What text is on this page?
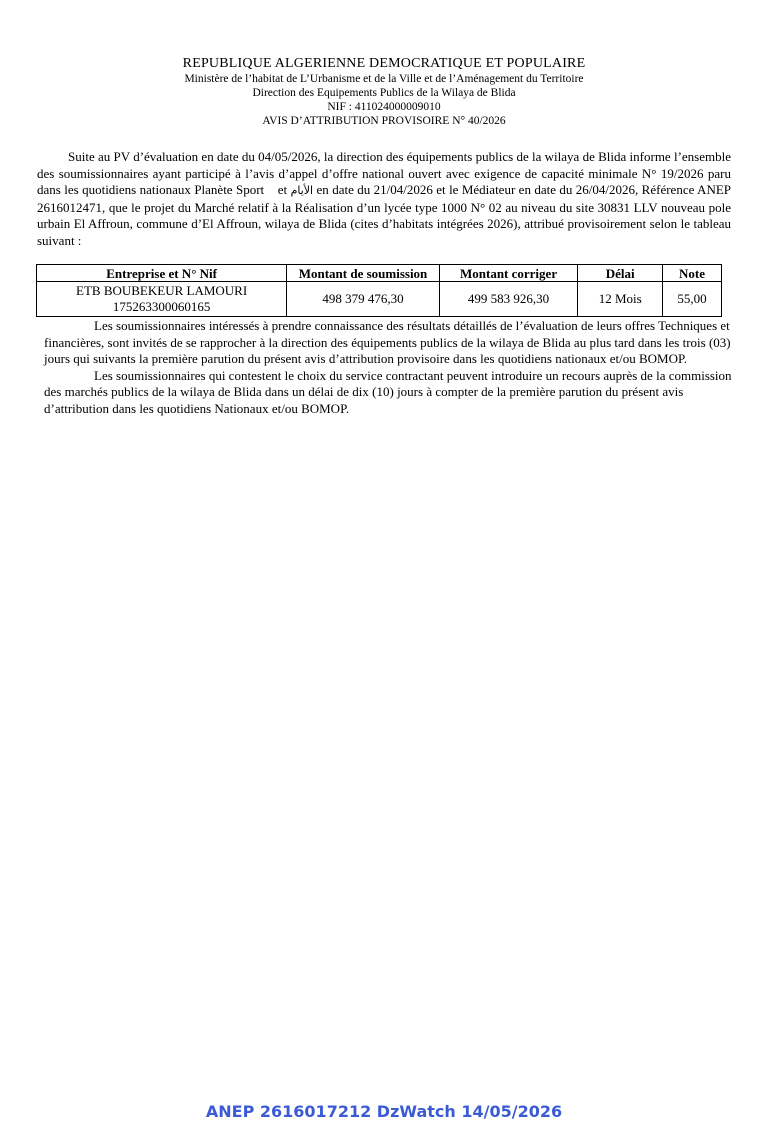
REPUBLIQUE ALGERIENNE DEMOCRATIQUE ET POPULAIRE
Ministère de l’habitat de L’Urbanisme et de la Ville et de l’Aménagement du Territoire
Direction des Equipements Publics de la Wilaya de Blida
NIF : 411024000009010
AVIS D’ATTRIBUTION PROVISOIRE N° 40/2026

Suite au PV d’évaluation en date du 04/05/2026, la direction des équipements publics de la wilaya de Blida informe l’ensemble des soumissionnaires ayant participé à l’avis d’appel d’offre national ouvert avec exigence de capacité minimale N° 19/2026 paru dans les quotidiens nationaux Planète Sport    et الأيام en date du 21/04/2026 et le Médiateur en date du 26/04/2026, Référence ANEP 2616012471, que le projet du Marché relatif à la Réalisation d’un lycée type 1000 N° 02 au niveau du site 30831 LLV nouveau pole urbain El Affroun, commune d’El Affroun, wilaya de Blida (cites d’habitats intégrées 2026), attribué provisoirement selon le tableau suivant :

Entreprise et N° Nif	Montant de soumission	Montant corriger	Délai	Note

ETB BOUBEKEUR LAMOURI
175263300060165	498 379 476,30	499 583 926,30	12 Mois	55,00

Les soumissionnaires intéressés à prendre connaissance des résultats détaillés de l’évaluation de leurs offres Techniques et financières, sont invités de se rapprocher à la direction des équipements publics de la wilaya de Blida au plus tard dans les trois (03) jours qui suivants la première parution du présent avis d’attribution provisoire dans les quotidiens nationaux et/ou BOMOP.

Les soumissionnaires qui contestent le choix du service contractant peuvent introduire un recours auprès de la commission des marchés publics de la wilaya de Blida dans un délai de dix (10) jours à compter de la première parution du présent avis d’attribution dans les quotidiens Nationaux et/ou BOMOP.

ANEP 2616017212 DzWatch 14/05/2026
